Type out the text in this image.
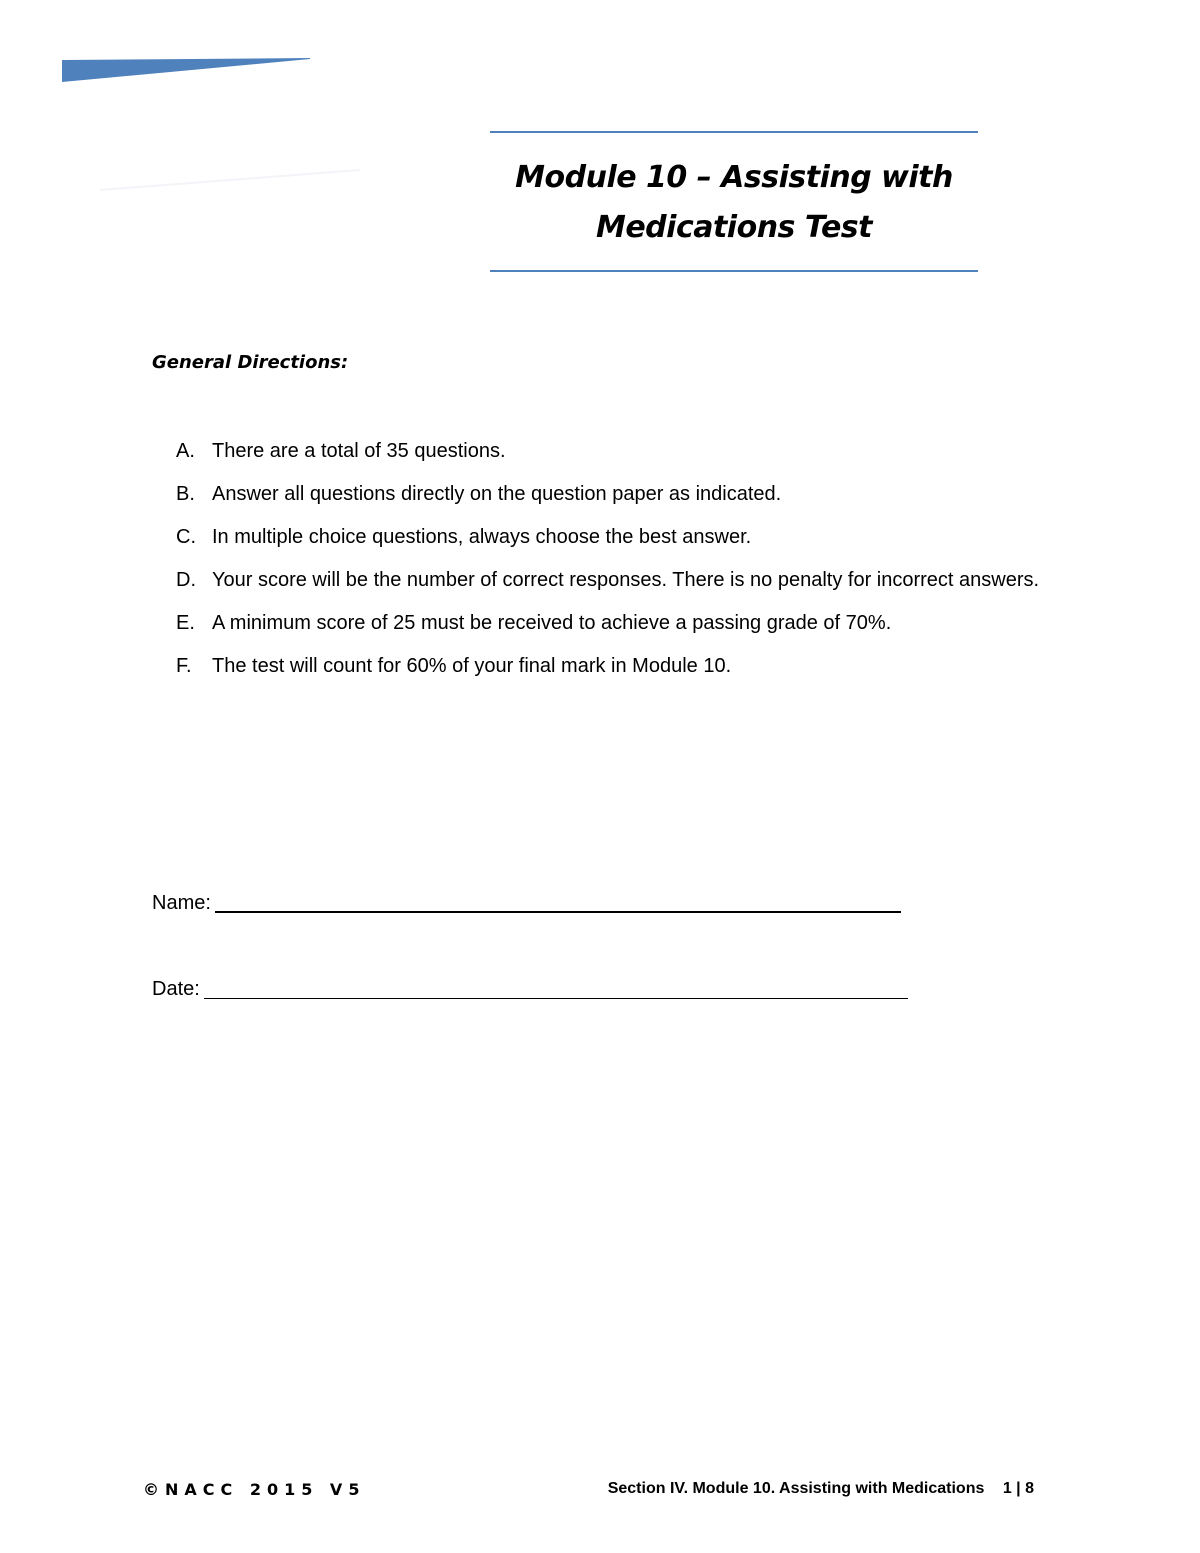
Module 10 – Assisting with
Medications Test
General Directions:
A. There are a total of 35 questions.
B. Answer all questions directly on the question paper as indicated.
C. In multiple choice questions, always choose the best answer.
D. Your score will be the number of correct responses. There is no penalty for incorrect answers.
E. A minimum score of 25 must be received to achieve a passing grade of 70%.
F. The test will count for 60% of your final mark in Module 10.
Name:
Date:
©NACC 2015 V5	Section IV. Module 10. Assisting with Medications 1 | 8
